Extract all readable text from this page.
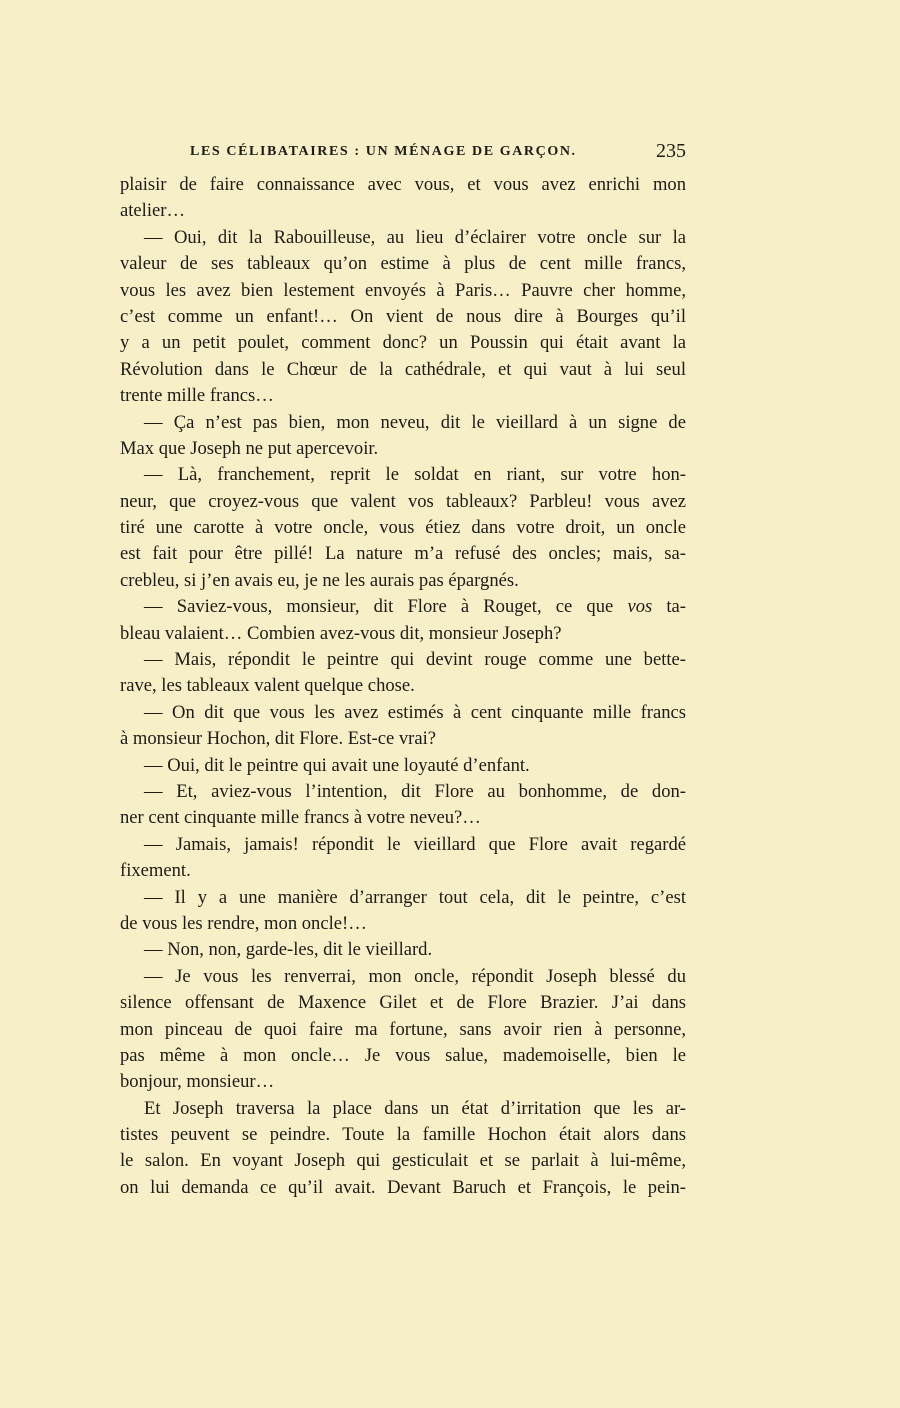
LES CÉLIBATAIRES : UN MÉNAGE DE GARÇON.	235
plaisir de faire connaissance avec vous, et vous avez enrichi mon
atelier…
— Oui, dit la Rabouilleuse, au lieu d’éclairer votre oncle sur la
valeur de ses tableaux qu’on estime à plus de cent mille francs,
vous les avez bien lestement envoyés à Paris… Pauvre cher homme,
c’est comme un enfant!… On vient de nous dire à Bourges qu’il
y a un petit poulet, comment donc? un Poussin qui était avant la
Révolution dans le Chœur de la cathédrale, et qui vaut à lui seul
trente mille francs…
— Ça n’est pas bien, mon neveu, dit le vieillard à un signe de
Max que Joseph ne put apercevoir.
— Là, franchement, reprit le soldat en riant, sur votre hon-
neur, que croyez-vous que valent vos tableaux? Parbleu! vous avez
tiré une carotte à votre oncle, vous étiez dans votre droit, un oncle
est fait pour être pillé! La nature m’a refusé des oncles; mais, sa-
crebleu, si j’en avais eu, je ne les aurais pas épargnés.
— Saviez-vous, monsieur, dit Flore à Rouget, ce que vos ta-
bleau valaient… Combien avez-vous dit, monsieur Joseph?
— Mais, répondit le peintre qui devint rouge comme une bette-
rave, les tableaux valent quelque chose.
— On dit que vous les avez estimés à cent cinquante mille francs
à monsieur Hochon, dit Flore. Est-ce vrai?
— Oui, dit le peintre qui avait une loyauté d’enfant.
— Et, aviez-vous l’intention, dit Flore au bonhomme, de don-
ner cent cinquante mille francs à votre neveu?…
— Jamais, jamais! répondit le vieillard que Flore avait regardé
fixement.
— Il y a une manière d’arranger tout cela, dit le peintre, c’est
de vous les rendre, mon oncle!…
— Non, non, garde-les, dit le vieillard.
— Je vous les renverrai, mon oncle, répondit Joseph blessé du
silence offensant de Maxence Gilet et de Flore Brazier. J’ai dans
mon pinceau de quoi faire ma fortune, sans avoir rien à personne,
pas même à mon oncle… Je vous salue, mademoiselle, bien le
bonjour, monsieur…
Et Joseph traversa la place dans un état d’irritation que les ar-
tistes peuvent se peindre. Toute la famille Hochon était alors dans
le salon. En voyant Joseph qui gesticulait et se parlait à lui-même,
on lui demanda ce qu’il avait. Devant Baruch et François, le pein-
